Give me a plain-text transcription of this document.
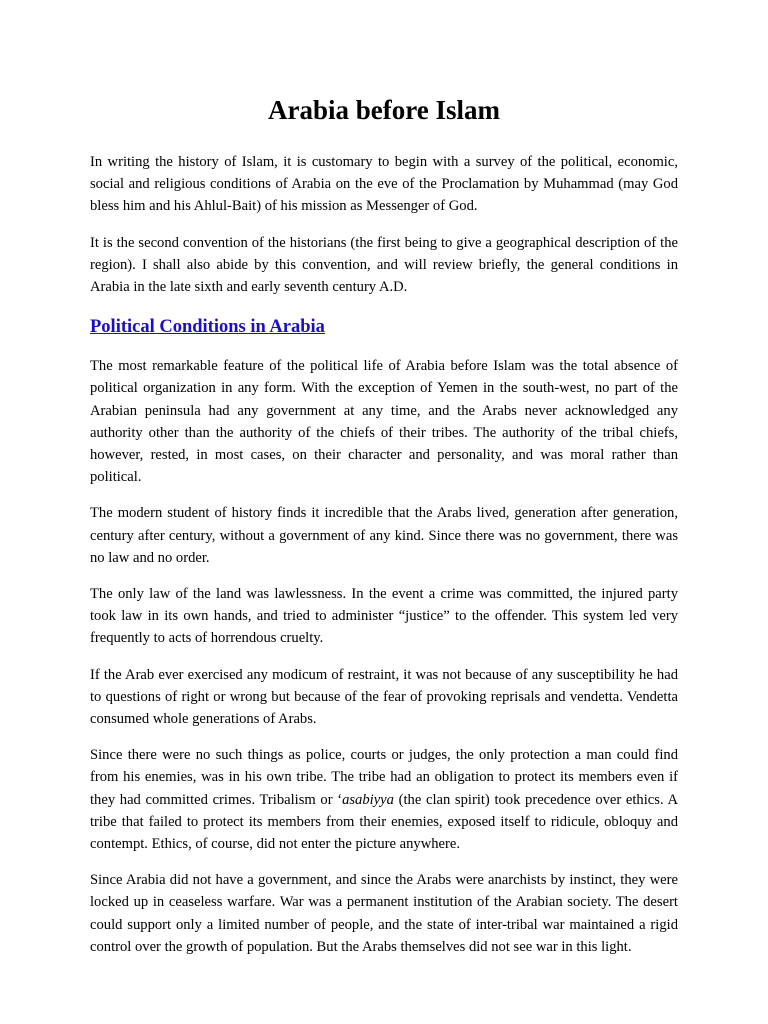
Arabia before Islam

In writing the history of Islam, it is customary to begin with a survey of the political, economic, social and religious conditions of Arabia on the eve of the Proclamation by Muhammad (may God bless him and his Ahlul-Bait) of his mission as Messenger of God.

It is the second convention of the historians (the first being to give a geographical description of the region). I shall also abide by this convention, and will review briefly, the general conditions in Arabia in the late sixth and early seventh century A.D.

Political Conditions in Arabia

The most remarkable feature of the political life of Arabia before Islam was the total absence of political organization in any form. With the exception of Yemen in the south-west, no part of the Arabian peninsula had any government at any time, and the Arabs never acknowledged any authority other than the authority of the chiefs of their tribes. The authority of the tribal chiefs, however, rested, in most cases, on their character and personality, and was moral rather than political.

The modern student of history finds it incredible that the Arabs lived, generation after generation, century after century, without a government of any kind. Since there was no government, there was no law and no order.

The only law of the land was lawlessness. In the event a crime was committed, the injured party took law in its own hands, and tried to administer “justice” to the offender. This system led very frequently to acts of horrendous cruelty.

If the Arab ever exercised any modicum of restraint, it was not because of any susceptibility he had to questions of right or wrong but because of the fear of provoking reprisals and vendetta. Vendetta consumed whole generations of Arabs.

Since there were no such things as police, courts or judges, the only protection a man could find from his enemies, was in his own tribe. The tribe had an obligation to protect its members even if they had committed crimes. Tribalism or ‘asabiyya (the clan spirit) took precedence over ethics. A tribe that failed to protect its members from their enemies, exposed itself to ridicule, obloquy and contempt. Ethics, of course, did not enter the picture anywhere.

Since Arabia did not have a government, and since the Arabs were anarchists by instinct, they were locked up in ceaseless warfare. War was a permanent institution of the Arabian society. The desert could support only a limited number of people, and the state of inter-tribal war maintained a rigid control over the growth of population. But the Arabs themselves did not see war in this light.
